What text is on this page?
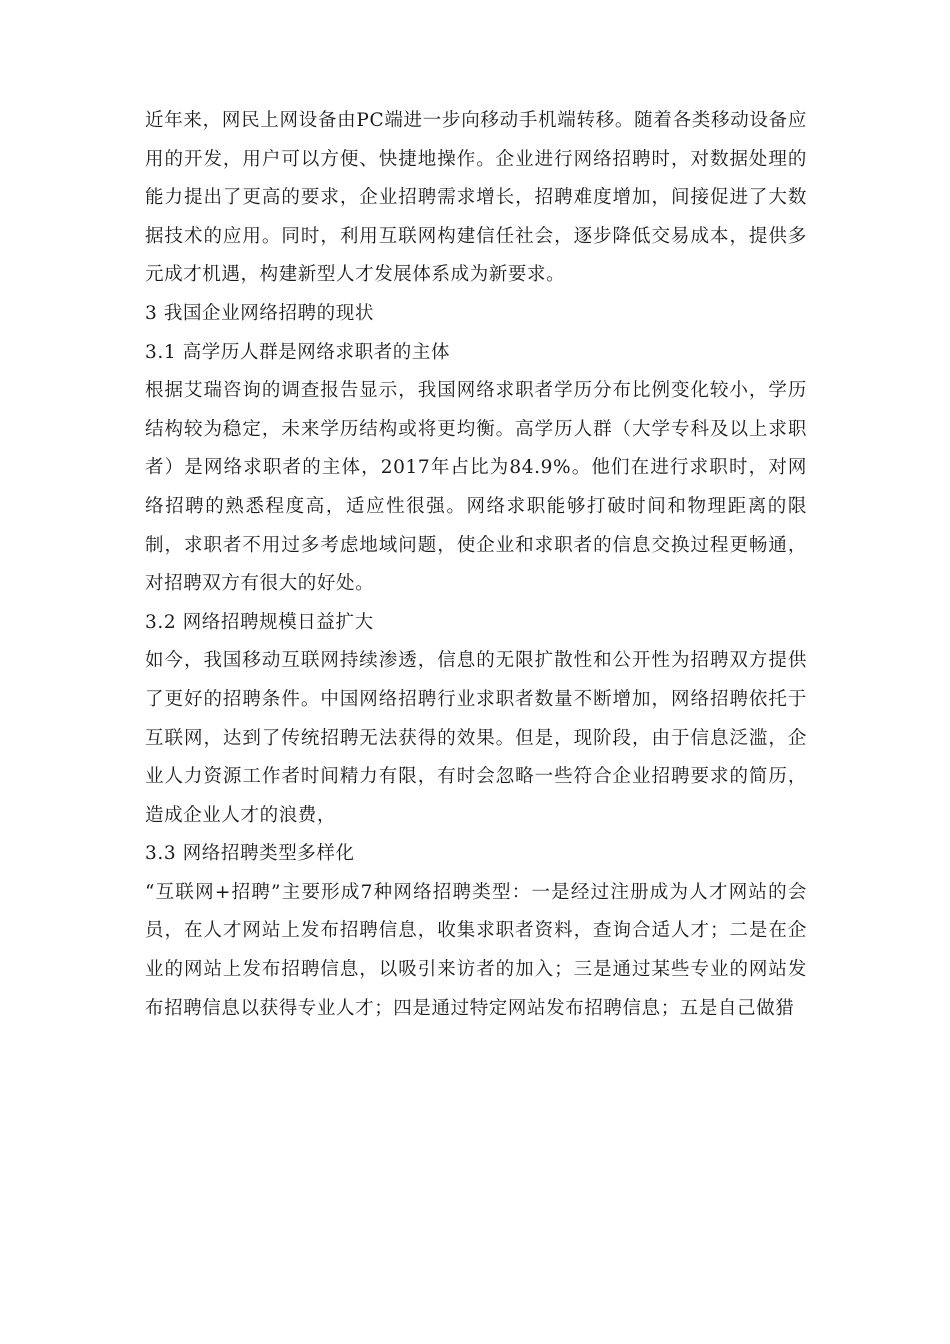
近年来，网民上网设备由PC端进一步向移动手机端转移。随着各类移动设备应用的开发，用户可以方便、快捷地操作。企业进行网络招聘时，对数据处理的能力提出了更高的要求，企业招聘需求增长，招聘难度增加，间接促进了大数据技术的应用。同时，利用互联网构建信任社会，逐步降低交易成本，提供多元成才机遇，构建新型人才发展体系成为新要求。

3 我国企业网络招聘的现状

3.1 高学历人群是网络求职者的主体

根据艾瑞咨询的调查报告显示，我国网络求职者学历分布比例变化较小，学历结构较为稳定，未来学历结构或将更均衡。高学历人群（大学专科及以上求职者）是网络求职者的主体，2017年占比为84.9%。他们在进行求职时，对网络招聘的熟悉程度高，适应性很强。网络求职能够打破时间和物理距离的限制，求职者不用过多考虑地域问题，使企业和求职者的信息交换过程更畅通，对招聘双方有很大的好处。

3.2 网络招聘规模日益扩大

如今，我国移动互联网持续渗透，信息的无限扩散性和公开性为招聘双方提供了更好的招聘条件。中国网络招聘行业求职者数量不断增加，网络招聘依托于互联网，达到了传统招聘无法获得的效果。但是，现阶段，由于信息泛滥，企业人力资源工作者时间精力有限，有时会忽略一些符合企业招聘要求的简历，造成企业人才的浪费，

3.3 网络招聘类型多样化

“互联网+招聘”主要形成7种网络招聘类型：一是经过注册成为人才网站的会员，在人才网站上发布招聘信息，收集求职者资料，查询合适人才；二是在企业的网站上发布招聘信息，以吸引来访者的加入；三是通过某些专业的网站发布招聘信息以获得专业人才；四是通过特定网站发布招聘信息；五是自己做猎
